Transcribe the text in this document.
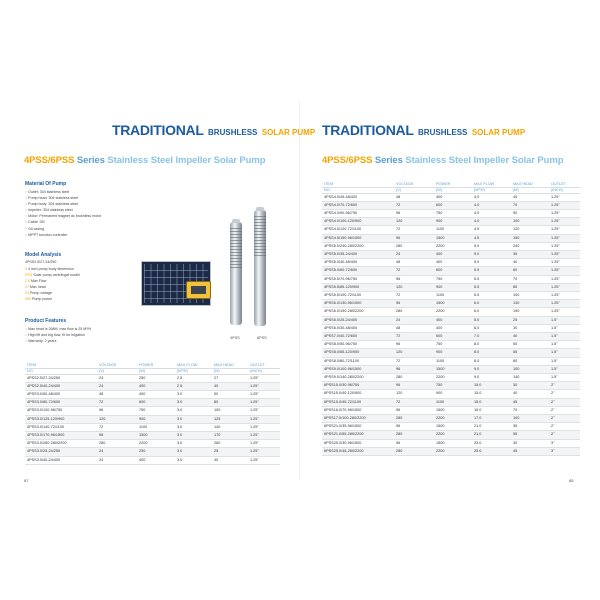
TRADITIONAL BRUSHLESS SOLAR PUMP
4PSS/6PSS Series Stainless Steel Impeller Solar Pump
Material Of Pump
○ Outlet: 304 stainless steel
○ Pump head: 304 stainless steel
○ Pump body: 304 stainless steel
○ Impeller: 304 stainless steel
○ Motor: Permanent magnet dc brushless motor
○ Cable: 2M
○ Oil casing
○ MPPT function controller
Model Analysis
4PSS2.5/27-24/250
4 4 inch pump body dimension
PSS Solar pump centrifugal model
2.5 Max Flow
27 Max head
24 Pump voltage
250 Pump power
Product Features
○ Max head is 268M, max flow is 25 M³/H
○ High lift and big flow, fit for irrigation
○ Warranty: 2 years
4PSS	6PSS
ITEM	VOLTAGE	POWER	MAX FLOW	MAX HEAD	OUTLET
NO.	(V)	(W)	(M³/H)	(M)	(INCH)
4PSS2.5/27-24/250	24	250	2.5	27	1.25"
4PSS2.5/40-24/400	24	400	2.5	40	1.25"
4PSS3.0/50-48/400	48	400	3.0	50	1.25"
4PSS3.0/80-72/600	72	600	3.0	80	1.25"
4PSS3.0/100-96/750	96	750	3.0	100	1.25"
4PSS3.0/125-120/900	120	900	3.0	125	1.25"
4PSS3.0/140-72/1100	72	1100	3.0	140	1.25"
4PSS3.0/170-96/1500	96	1500	3.0	170	1.25"
4PSS3.0/260-280/2200	280	2200	3.0	260	1.25"
4PSS3.0/25-24/250	24	250	3.0	25	1.25"
4PSS3.0/40-24/400	24	400	3.0	40	1.25"
87
TRADITIONAL BRUSHLESS SOLAR PUMP
4PSS/6PSS Series Stainless Steel Impeller Solar Pump
ITEM	VOLTAGE	POWER	MAX FLOW	MAX HEAD	OUTLET
NO.	(V)	(W)	(M³/H)	(M)	(INCH)
4PSS4.0/45-48/400	48	400	4.0	45	1.25"
4PSS4.0/70-72/600	72	600	4.0	70	1.25"
4PSS4.0/90-96/750	96	750	4.0	90	1.25"
4PSS4.0/100-120/900	120	900	4.0	100	1.25"
4PSS4.5/120-72/1100	72	1100	4.5	120	1.25"
4PSS4.5/150-96/1500	96	1500	4.5	150	1.25"
4PSS5.0/240-280/2200	280	2200	5.0	240	1.25"
4PSS5.0/35-24/400	24	400	5.0	35	1.25"
4PSS5.0/40-48/400	48	400	5.0	40	1.25"
4PSS5.0/60-72/600	72	600	5.5	60	1.25"
4PSS5.5/70-96/750	96	750	5.5	70	1.25"
4PSS5.5/85-120/900	120	900	5.5	85	1.25"
4PSS5.5/100-72/1100	72	1100	5.5	100	1.25"
4PSS6.0/130-96/1500	96	1500	6.0	130	1.25"
4PSS6.0/190-280/2200	280	2200	6.0	190	1.25"
4PSS6.0/25-24/400	24	400	5.0	25	1.5"
4PSS6.0/30-48/400	48	400	6.0	30	1.5"
4PSS7.0/40-72/600	72	600	7.0	40	1.5"
4PSS8.0/50-96/750	96	750	8.0	50	1.5"
4PSS8.0/65-120/900	120	900	8.0	65	1.5"
4PSS8.0/80-72/1100	72	1100	8.0	80	1.5"
4PSS9.0/100-96/1500	96	1500	9.0	100	1.5"
4PSS9.0/140-280/2200	280	2200	9.0	140	1.5"
6PSS15.0/30-96/750	96	750	15.0	30	2"
6PSS15.0/40-120/900	120	900	15.0	40	2"
6PSS15.0/45-72/1100	72	1100	15.0	45	2"
6PSS16.0/70-96/1500	96	1500	16.0	70	2"
6PSS17.0/100-280/2200	280	2200	17.0	100	2"
6PSS21.0/35-96/1500	96	1500	21.0	35	2"
6PSS21.0/55-280/2200	280	2200	21.0	55	2"
6PSS25.0/30-96/1500	96	1500	25.0	30	3"
6PSS25.0/45-280/2200	280	2200	25.0	45	3"
88
